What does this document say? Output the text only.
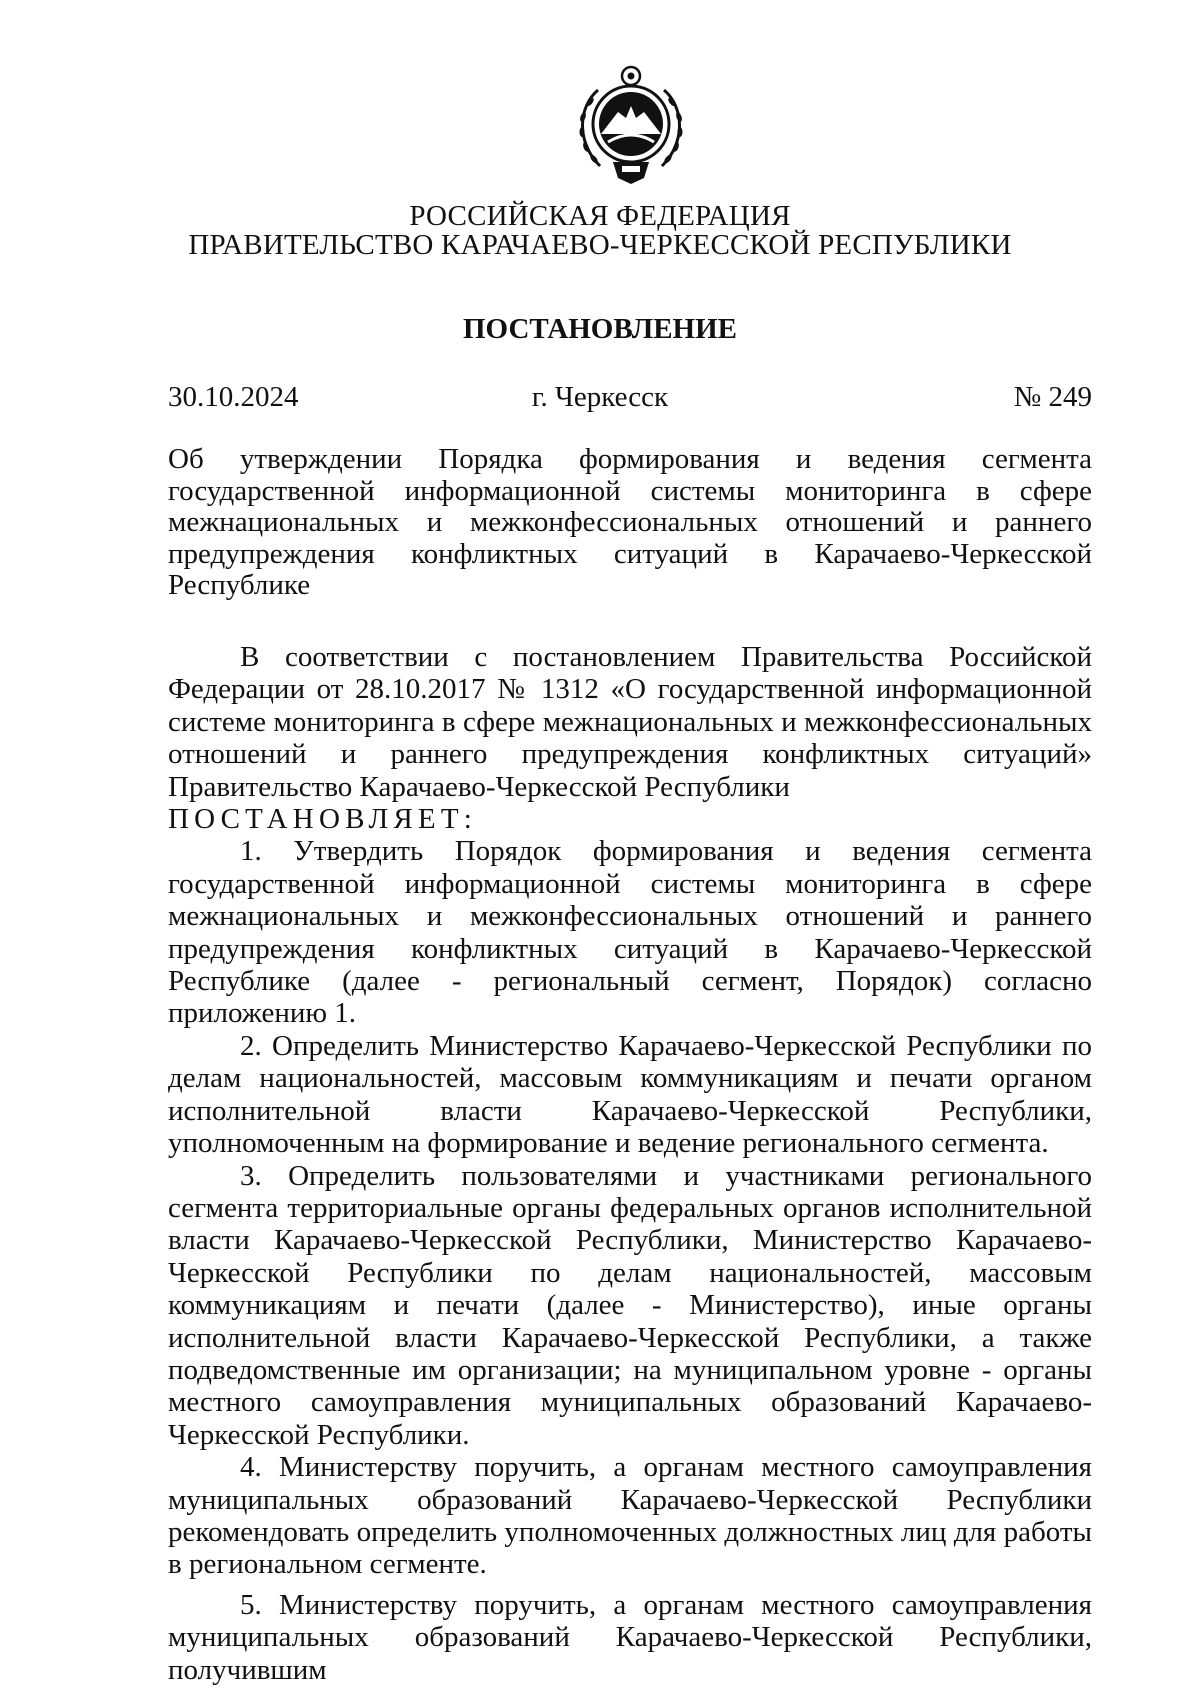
РОССИЙСКАЯ ФЕДЕРАЦИЯ
ПРАВИТЕЛЬСТВО КАРАЧАЕВО-ЧЕРКЕССКОЙ РЕСПУБЛИКИ
ПОСТАНОВЛЕНИЕ
30.10.2024	г. Черкесск	№ 249

Об утверждении Порядка формирования и ведения сегмента государственной информационной системы мониторинга в сфере межнациональных и межконфессиональных отношений и раннего предупреждения конфликтных ситуаций в Карачаево-Черкесской Республике

В соответствии с постановлением Правительства Российской Федерации от 28.10.2017 № 1312 «О государственной информационной системе мониторинга в сфере межнациональных и межконфессиональных отношений и раннего предупреждения конфликтных ситуаций» Правительство Карачаево-Черкесской Республики

ПОСТАНОВЛЯЕТ:

1. Утвердить Порядок формирования и ведения сегмента государственной информационной системы мониторинга в сфере межнациональных и межконфессиональных отношений и раннего предупреждения конфликтных ситуаций в Карачаево-Черкесской Республике (далее - региональный сегмент, Порядок) согласно приложению 1.

2. Определить Министерство Карачаево-Черкесской Республики по делам национальностей, массовым коммуникациям и печати органом исполнительной власти Карачаево-Черкесской Республики, уполномоченным на формирование и ведение регионального сегмента.

3. Определить пользователями и участниками регионального сегмента территориальные органы федеральных органов исполнительной власти Карачаево-Черкесской Республики, Министерство Карачаево-Черкесской Республики по делам национальностей, массовым коммуникациям и печати (далее - Министерство), иные органы исполнительной власти Карачаево-Черкесской Республики, а также подведомственные им организации; на муниципальном уровне - органы местного самоуправления муниципальных образований Карачаево-Черкесской Республики.

4. Министерству поручить, а органам местного самоуправления муниципальных образований Карачаево-Черкесской Республики рекомендовать определить уполномоченных должностных лиц для работы в региональном сегменте.

5. Министерству поручить, а органам местного самоуправления муниципальных образований Карачаево-Черкесской Республики, получившим
